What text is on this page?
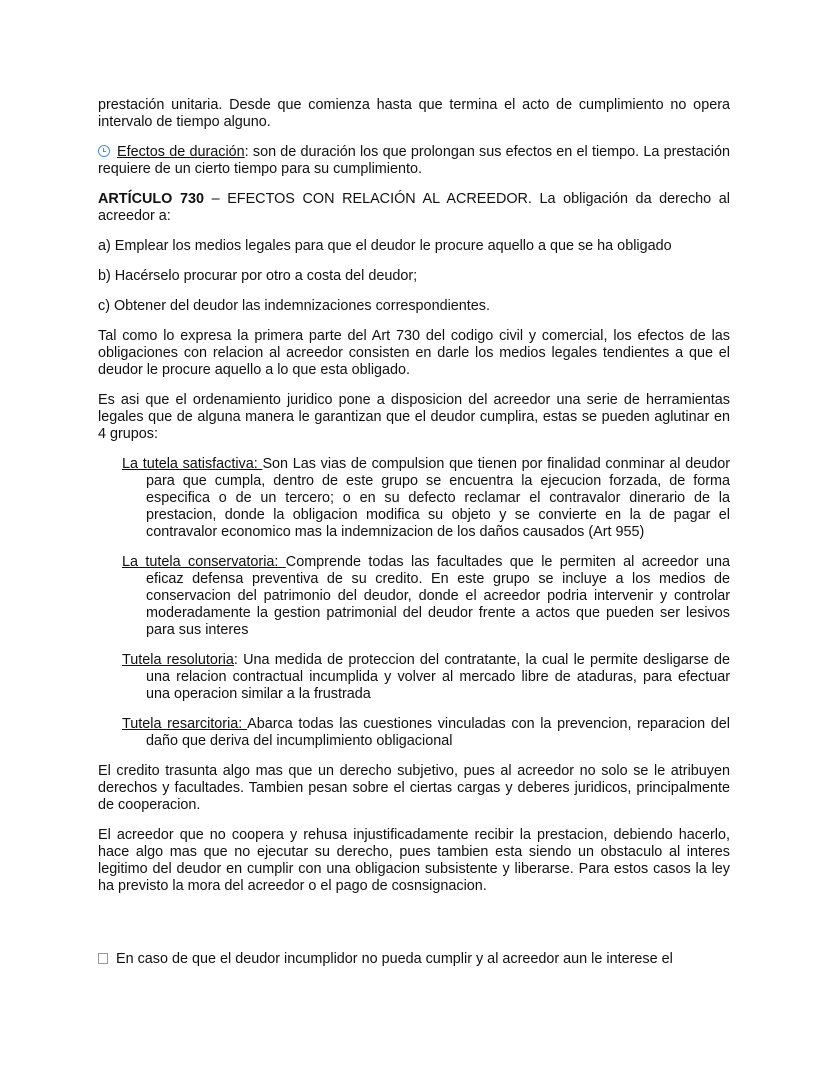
prestación unitaria. Desde que comienza hasta que termina el acto de cumplimiento no opera intervalo de tiempo alguno.

Efectos de duración: son de duración los que prolongan sus efectos en el tiempo. La prestación requiere de un cierto tiempo para su cumplimiento.

ARTÍCULO 730 – EFECTOS CON RELACIÓN AL ACREEDOR. La obligación da derecho al acreedor a:

a) Emplear los medios legales para que el deudor le procure aquello a que se ha obligado

b) Hacérselo procurar por otro a costa del deudor;

c) Obtener del deudor las indemnizaciones correspondientes.

Tal como lo expresa la primera parte del Art 730 del codigo civil y comercial, los efectos de las obligaciones con relacion al acreedor consisten en darle los medios legales tendientes a que el deudor le procure aquello a lo que esta obligado.

Es asi que el ordenamiento juridico pone a disposicion del acreedor una serie de herramientas legales que de alguna manera le garantizan que el deudor cumplira, estas se pueden aglutinar en 4 grupos:

La tutela satisfactiva: Son Las vias de compulsion que tienen por finalidad conminar al deudor para que cumpla, dentro de este grupo se encuentra la ejecucion forzada, de forma especifica o de un tercero; o en su defecto reclamar el contravalor dinerario de la prestacion, donde la obligacion modifica su objeto y se convierte en la de pagar el contravalor economico mas la indemnizacion de los daños causados (Art 955)

La tutela conservatoria: Comprende todas las facultades que le permiten al acreedor una eficaz defensa preventiva de su credito. En este grupo se incluye a los medios de conservacion del patrimonio del deudor, donde el acreedor podria intervenir y controlar moderadamente la gestion patrimonial del deudor frente a actos que pueden ser lesivos para sus interes

Tutela resolutoria: Una medida de proteccion del contratante, la cual le permite desligarse de una relacion contractual incumplida y volver al mercado libre de ataduras, para efectuar una operacion similar a la frustrada

Tutela resarcitoria: Abarca todas las cuestiones vinculadas con la prevencion, reparacion del daño que deriva del incumplimiento obligacional

El credito trasunta algo mas que un derecho subjetivo, pues al acreedor no solo se le atribuyen derechos y facultades. Tambien pesan sobre el ciertas cargas y deberes juridicos, principalmente de cooperacion.

El acreedor que no coopera y rehusa injustificadamente recibir la prestacion, debiendo hacerlo, hace algo mas que no ejecutar su derecho, pues tambien esta siendo un obstaculo al interes legitimo del deudor en cumplir con una obligacion subsistente y liberarse. Para estos casos la ley ha previsto la mora del acreedor o el pago de cosnsignacion.

En caso de que el deudor incumplidor no pueda cumplir y al acreedor aun le interese el
